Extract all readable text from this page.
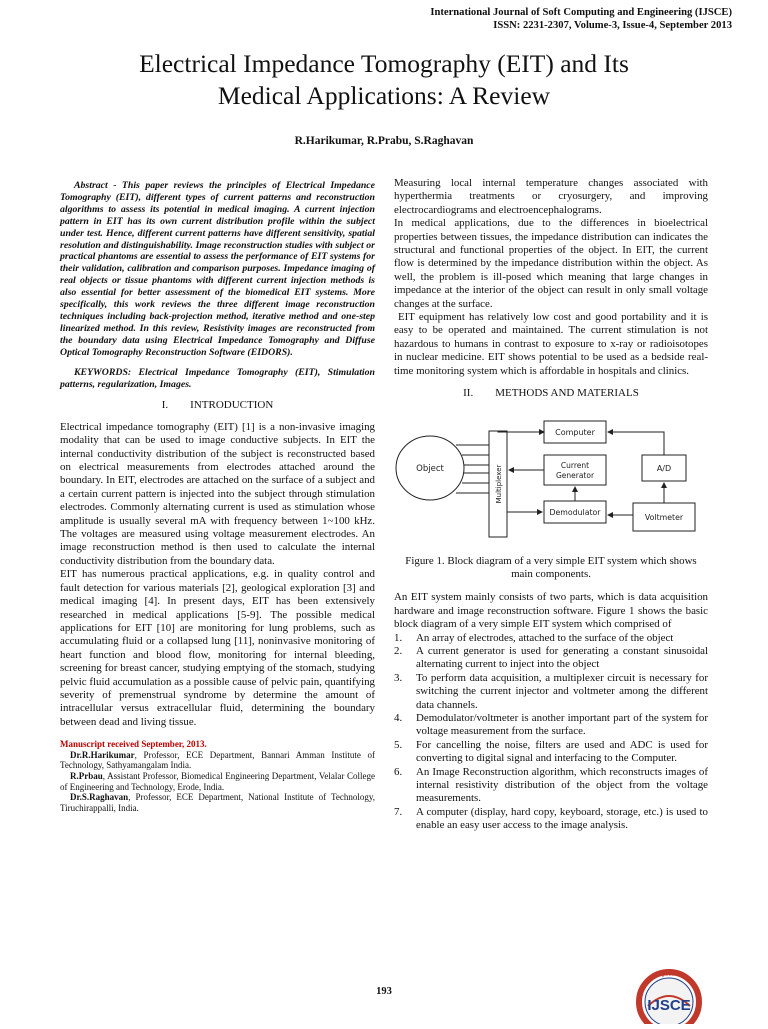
International Journal of Soft Computing and Engineering (IJSCE)
ISSN: 2231-2307, Volume-3, Issue-4, September 2013
Electrical Impedance Tomography (EIT) and Its
Medical Applications: A Review
R.Harikumar, R.Prabu, S.Raghavan

Abstract - This paper reviews the principles of Electrical Impedance Tomography (EIT), different types of current patterns and reconstruction algorithms to assess its potential in medical imaging. A current injection pattern in EIT has its own current distribution profile within the subject under test. Hence, different current patterns have different sensitivity, spatial resolution and distinguishability. Image reconstruction studies with subject or practical phantoms are essential to assess the performance of EIT systems for their validation, calibration and comparison purposes. Impedance imaging of real objects or tissue phantoms with different current injection methods is also essential for better assessment of the biomedical EIT systems. More specifically, this work reviews the three different image reconstruction techniques including back-projection method, iterative method and one-step linearized method. In this review, Resistivity images are reconstructed from the boundary data using Electrical Impedance Tomography and Diffuse Optical Tomography Reconstruction Software (EIDORS).

KEYWORDS: Electrical Impedance Tomography (EIT), Stimulation patterns, regularization, Images.

I. INTRODUCTION

Electrical impedance tomography (EIT) [1] is a non-invasive imaging modality that can be used to image conductive subjects. In EIT the internal conductivity distribution of the subject is reconstructed based on electrical measurements from electrodes attached around the boundary. In EIT, electrodes are attached on the surface of a subject and a certain current pattern is injected into the subject through stimulation electrodes. Commonly alternating current is used as stimulation whose amplitude is usually several mA with frequency between 1~100 kHz. The voltages are measured using voltage measurement electrodes. An image reconstruction method is then used to calculate the internal conductivity distribution from the boundary data.

EIT has numerous practical applications, e.g. in quality control and fault detection for various materials [2], geological exploration [3] and medical imaging [4]. In present days, EIT has been extensively researched in medical applications [5-9]. The possible medical applications for EIT [10] are monitoring for lung problems, such as accumulating fluid or a collapsed lung [11], noninvasive monitoring of heart function and blood flow, monitoring for internal bleeding, screening for breast cancer, studying emptying of the stomach, studying pelvic fluid accumulation as a possible cause of pelvic pain, quantifying severity of premenstrual syndrome by determine the amount of intracellular versus extracellular fluid, determining the boundary between dead and living tissue.

Manuscript received September, 2013.

Dr.R.Harikumar, Professor, ECE Department, Bannari Amman Institute of Technology, Sathyamangalam India.

R.Prbau, Assistant Professor, Biomedical Engineering Department, Velalar College of Engineering and Technology, Erode, India.

Dr.S.Raghavan, Professor, ECE Department, National Institute of Technology, Tiruchirappalli, India.

Measuring local internal temperature changes associated with hyperthermia treatments or cryosurgery, and improving electrocardiograms and electroencephalograms.

In medical applications, due to the differences in bioelectrical properties between tissues, the impedance distribution can indicates the structural and functional properties of the object. In EIT, the current flow is determined by the impedance distribution within the object. As well, the problem is ill-posed which meaning that large changes in impedance at the interior of the object can result in only small voltage changes at the surface.

EIT equipment has relatively low cost and good portability and it is easy to be operated and maintained. The current stimulation is not hazardous to humans in contrast to exposure to x-ray or radioisotopes in nuclear medicine. EIT shows potential to be used as a bedside real-time monitoring system which is affordable in hospitals and clinics.

II. METHODS AND MATERIALS
Object	Multiplexer
Computer
Current
Generator
A/D
Demodulator
Voltmeter
Figure 1. Block diagram of a very simple EIT system which shows main components.

An EIT system mainly consists of two parts, which is data acquisition hardware and image reconstruction software. Figure 1 shows the basic block diagram of a very simple EIT system which comprised of

1.	An array of electrodes, attached to the surface of the object
2.	A current generator is used for generating a constant sinusoidal alternating current to inject into the object
3.	To perform data acquisition, a multiplexer circuit is necessary for switching the current injector and voltmeter among the different data channels.
4.	Demodulator/voltmeter is another important part of the system for voltage measurement from the surface.
5.	For cancelling the noise, filters are used and ADC is used for converting to digital signal and interfacing to the Computer.
6.	An Image Reconstruction algorithm, which reconstructs images of internal resistivity distribution of the object from the voltage measurements.
7.	A computer (display, hard copy, keyboard, storage, etc.) is used to enable an easy user access to the image analysis.
193
IJSCE
Engineering
